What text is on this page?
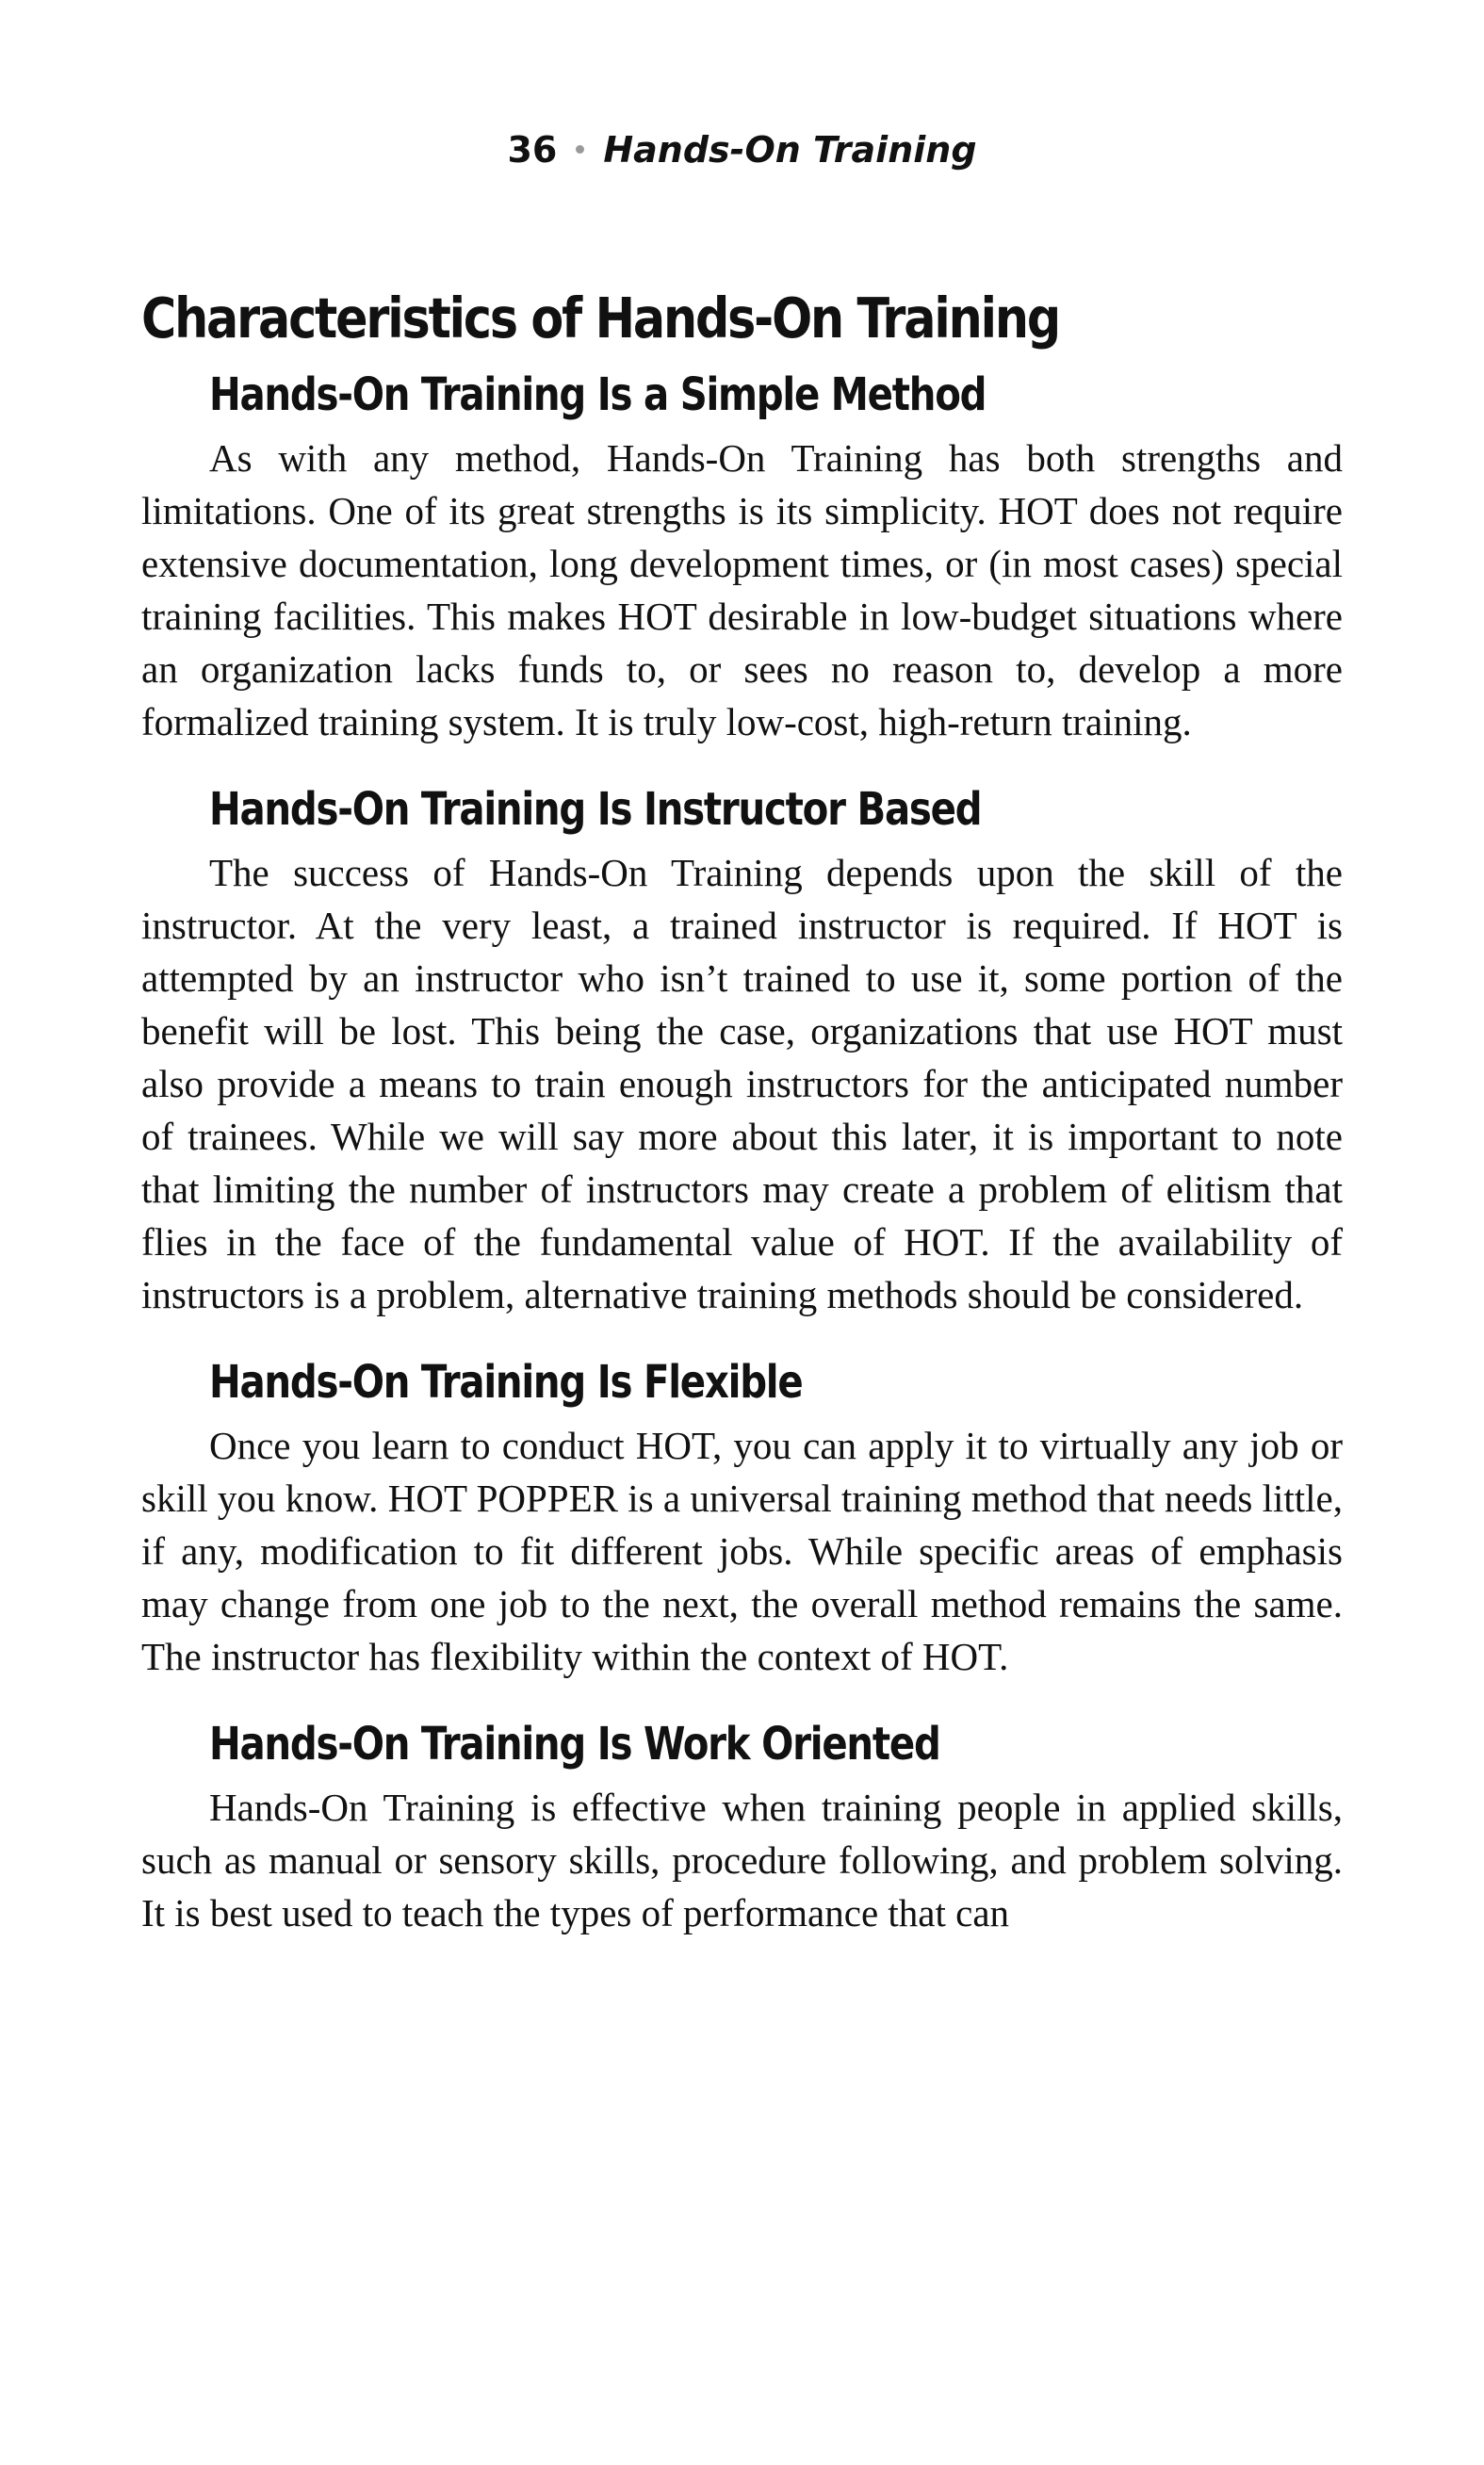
36 Hands-On Training
Characteristics of Hands-On Training
Hands-On Training Is a Simple Method

As with any method, Hands-On Training has both strengths and limitations. One of its great strengths is its simplicity. HOT does not require extensive documentation, long development times, or (in most cases) special training facilities. This makes HOT desirable in low-budget situations where an organization lacks funds to, or sees no reason to, develop a more formalized training system. It is truly low-cost, high-return training.

Hands-On Training Is Instructor Based

The success of Hands-On Training depends upon the skill of the instructor. At the very least, a trained instructor is required. If HOT is attempted by an instructor who isn’t trained to use it, some portion of the benefit will be lost. This being the case, organizations that use HOT must also provide a means to train enough instructors for the anticipated number of trainees. While we will say more about this later, it is important to note that limiting the number of instructors may create a problem of elitism that flies in the face of the fundamental value of HOT. If the availability of instructors is a problem, alternative training methods should be considered.

Hands-On Training Is Flexible

Once you learn to conduct HOT, you can apply it to virtually any job or skill you know. HOT POPPER is a universal training method that needs little, if any, modification to fit different jobs. While specific areas of emphasis may change from one job to the next, the overall method remains the same. The instructor has flexibility within the context of HOT.

Hands-On Training Is Work Oriented

Hands-On Training is effective when training people in applied skills, such as manual or sensory skills, procedure following, and problem solving. It is best used to teach the types of performance that can
